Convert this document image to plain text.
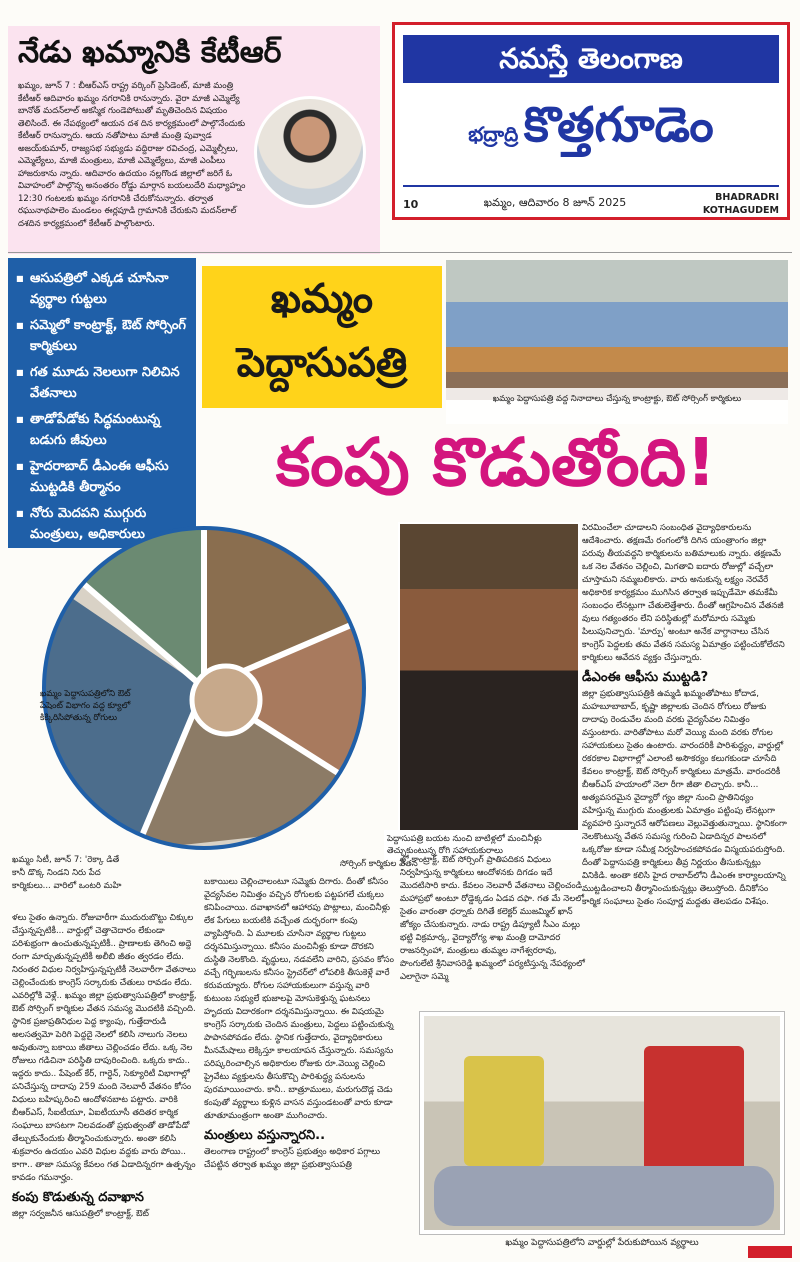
నేడు ఖమ్మానికి కేటీఆర్
ఖమ్మం, జూన్ 7 : బీఆర్ఎస్ రాష్ట్ర వర్కింగ్ ప్రెసిడెంట్, మాజీ మంత్రి కేటీఆర్ ఆదివారం ఖమ్మం నగరానికి రానున్నారు. వైరా మాజీ ఎమ్మెల్యే బానోత్ మదన్‌లాల్ అకస్మిక గుండెపోటుతో మృతిచెందిన విషయం తెలిసిందే. ఈ నేపథ్యంలో ఆయన దశ దిన కార్యక్రమంలో పాల్గొనేందుకు కేటీఆర్ రానున్నారు. ఆయ నతోపాటు మాజీ మంత్రి పువ్వాడ అజయ్‌కుమార్, రాజ్యసభ సభ్యుడు వద్దిరాజు రవిచంద్ర, ఎమ్మెల్సీలు, ఎమ్మెల్యేలు, మాజీ మంత్రులు, మాజీ ఎమ్మెల్యేలు, మాజీ ఎంపీలు హాజరుకాను న్నారు. ఆదివారం ఉదయం నల్లగొండ జిల్లాలో జరిగే ఓ వివాహంలో పాల్గొన్న అనంతరం రోడ్డు మార్గాన బయలుదేరి మధ్యాహ్నం 12:30 గంటలకు ఖమ్మం నగరానికి చేరుకోనున్నారు. తర్వాత రఘునాథపాలెం మండలం ఈర్లపూడి గ్రామానికి చేరుకుని మదన్‌లాల్ దశదిన కార్యక్రమంలో కేటీఆర్ పాల్గొంటారు.
నమస్తే తెలంగాణ
భద్రాద్రి కొత్తగూడెం
10	ఖమ్మం, ఆదివారం 8 జూన్ 2025	BHADRADRI
KOTHAGUDEM
■ ఆసుపత్రిలో ఎక్కడ చూసినా వ్యర్థాల గుట్టలు
■ సమ్మెలో కాంట్రాక్ట్, ఔట్ సోర్సింగ్ కార్మికులు
■ గత మూడు నెలలుగా నిలిచిన వేతనాలు
■ తాడోపేడోకు సిద్ధమంటున్న బడుగు జీవులు
■ హైదరాబాద్ డీఎంఈ ఆఫీసు ముట్టడికి తీర్మానం
■ నోరు మెదపని ముగ్గురు మంత్రులు, అధికారులు
ఖమ్మం
పెద్దాసుపత్రి
ఖమ్మం పెద్దాసుపత్రి వద్ద నినాదాలు చేస్తున్న కాంట్రాక్టు, ఔట్ సోర్సింగ్ కార్మికులు
కంపు కొడుతోంది!
ఖమ్మం పెద్దాసుపత్రిలోని ఔట్ పేషెంట్ విభాగం వద్ద క్యూలో కిక్కిరిసిపోతున్న రోగులు
పెద్దాసుపత్రి బయట నుంచి బాటిళ్లలో మంచినీళ్లు తెచ్చుకుంటున్న రోగి సహాయకురాలు

విరమించేలా చూడాలని సంబంధిత వైద్యాధికారులను ఆదేశించారు. తక్షణమే రంగంలోకి దిగిన యంత్రాంగం జిల్లా పరువు తీయవద్దని కార్మికులను బతిమాలుకు న్నారు. తక్షణమే ఒక నెల వేతనం చెల్లించి, మిగతావి ఐదారు రోజుల్లో వచ్చేలా చూస్తామని నమ్మబలికారు. వారు అనుకున్న లక్ష్యం నెరవేరే అధికారిక కార్యక్రమం ముగిసిన తర్వాత ఇప్పుడేమో తమకేమీ సంబంధం లేనట్లుగా చేతులెత్తేశారు. దీంతో ఆగ్రహించిన వేతనజీ వులు గత్యంతరం లేని పరిస్థితుల్లో మరోమారు సమ్మెకు పిలుపునిచ్చారు. 'మార్పు' అంటూ అనేక వాగ్దానాలు చేసిన కాంగ్రెస్ పెద్దలకు తమ వేతన సమస్య ఏమాత్రం పట్టించుకోలేదని కార్మికులు ఆవేదన వ్యక్తం చేస్తున్నారు.

డీఎంఈ ఆఫీసు ముట్టడి?

జిల్లా ప్రభుత్వాసుపత్రికి ఉమ్మడి ఖమ్మంతోపాటు కోదాడ, మహబూబాబాద్, కృష్ణా జిల్లాలకు చెందిన రోగులు రోజుకు దాదాపు రెండువేల మంది వరకు వైద్యసేవల నిమిత్తం వస్తుంటారు. వారితోపాటు మరో వెయ్యి మంది వరకు రోగుల సహాయకులు సైతం ఉంటారు. వారందరికీ పారిశుద్ధ్యం, వార్డుల్లో రకరకాల విభాగాల్లో ఎలాంటి అసౌకర్యం కలుగకుండా చూసేది కేవలం కాంట్రాక్ట్, ఔట్ సోర్సింగ్ కార్మికులు మాత్రమే. వారందరికీ బీఆర్ఎస్ హయాంలో నెలా రీగా జీతా లిచ్చారు. కానీ... అత్యవసరమైన వైద్యారో గ్యం జిల్లా నుంచి ప్రాతినిధ్యం వహిస్తున్న ముగ్గురు మంత్రులకు ఏమాత్రం పట్టింపు లేనట్లుగా వ్యవహరి స్తున్నారనే ఆరోపణలు వెల్లువెత్తుతున్నాయి. స్థానికంగా నెలకొంటున్న వేతన సమస్య గురించి ఏడాదిన్నర పాలనలో ఒక్కరోజు కూడా సమీక్ష నిర్వహించకపోవడం విస్మయపరుస్తోంది. దీంతో పెద్దాసుపత్రి కార్మికులు తీవ్ర నిర్ణయం తీసుకున్నట్లు వినికిడి. అంతా కలిసి హైద రాబాద్‌లోని డీఎంఈ కార్యాలయాన్ని ముట్టడించాలని తీర్మానించుకున్నట్లు తెలుస్తోంది. దీనికోసం కార్మిక సంఘాలు సైతం సంపూర్ణ మద్దతు తెలపడం విశేషం.

ఖమ్మం సిటీ, జూన్ 7: 'రెక్కా డితే కానీ డొక్క నిండని నిరు పేద కార్మికులు... వారిలో ఒంటరి మహి

ళలు సైతం ఉన్నారు. రోజువారీగా ముదురుబొట్టు చిక్కుల చేస్తున్నప్పటికీ... వార్డుల్లో చెత్తాచెదారం లేకుండా పరిశుభ్రంగా ఉంచుతున్నప్పటికీ.. ప్రాణాలకు తెగించి అద్దె రంగా మార్చుతున్నప్పటికీ అలీబి జీతం త్వరడం లేదు. నిరంతర విధుల నిర్వహిస్తున్నప్పటికీ నెలవారీగా వేతనాలు చెల్లించేందుకు కాంగ్రెస్ సర్కారుకు చేతులు రావడం లేదు. ఎవరిల్లోకి వెళ్లే.. ఖమ్మం జిల్లా ప్రభుత్వాసుపత్రిలో కాంట్రాక్ట్, ఔట్ సోర్సింగ్ కార్మికుల వేతన సమస్య మొదటికి వచ్చింది. స్థానిక ప్రజాప్రతినిధుల పెద్ద క్యాంపు, గుత్తేదారుడి అలసత్వమో పెరిగి పెద్దదై నెలలో కలిసి నాలుగు నెలలు అవుతున్నా బకాయి జీతాలు చెల్లించడం లేదు. ఒక్క నెల రోజులు గడిచినా పరిస్థితి దాపురించింది. ఒక్కరు కాదు.. ఇద్దరు కాదు.. పేషెంట్ కేర్, గార్డెన్, సెక్యూరిటీ విభాగాల్లో పనిచేస్తున్న దాదాపు 259 మంది నెలవారీ వేతనం కోసం విధులు బహిష్కరించి ఆందోళనబాట పట్టారు. వారికి బీఆర్ఎస్, సీఐటీయూ, ఏఐటీయూసీ తదితర కార్మిక సంఘాలు బాసటగా నిలవడంతో ప్రభుత్వంతో తాడోపేడో తేల్చుకునేందుకు తీర్మానించుకున్నారు. అంతా కలిసి శుక్రవారం ఉదయం ఎవరి విధుల వద్దకు వారు పోయి.. కాగా.. తాజా సమస్య కేవలం గత ఏడాదిన్నరగా ఉత్పన్నం కావడం గమనార్హం.

కంపు కొడుతున్న దవాఖాన

జిల్లా సర్వజనీన ఆసుపత్రిలో కాంట్రాక్ట్, ఔట్

సోర్సింగ్ కార్మికుల వేతన

బకాయిలు చెల్లించాలంటూ సమ్మెకు దిగారు. దీంతో కనీసం వైద్యసేవల నిమిత్తం వచ్చిన రోగులకు పట్టపగలే చుక్కలు కనిపించాయి. దవాఖానలో ఆహారపు పొట్లాలు, మంచినీళ్లు లేక పేగులు బయటికి వచ్చేంత దుర్భరంగా కంపు వ్యాపిస్తోంది. ఏ మూలకు చూసినా వ్యర్థాల గుట్టలు దర్శనమిస్తున్నాయి. కనీసం మంచినీళ్లు కూడా దొరకని దుస్థితి నెలకొంది. వృద్ధులు, నడవలేని వారిని, ప్రసవం కోసం వచ్చే గర్భిణులను కనీసం స్ట్రెచర్‌లో లోపలికి తీసుకెళ్లే వారే కరువయ్యారు. రోగుల సహాయకులుగా వస్తున్న వారి కుటుంబ సభ్యులే భుజాలపై మోసుకెళ్తున్న ఘటనలు హృదయ విదారకంగా దర్శనమిస్తున్నాయి. ఈ విషయమై కాంగ్రెస్ సర్కారుకు చెందిన మంత్రులు, పెద్దలు పట్టించుకున్న పాపానపోవడం లేదు. స్థానిక గుత్తేదారు, వైద్యాధికారులు మీనమేషాలు లెక్కిస్తూ కాలయాపన చేస్తున్నారు. సమస్యను పరిష్కరించాల్సిన అధికారుల రోజుకు రూ.వెయ్యి చెల్లించి ప్రైవేటు వ్యక్తులను తీసుకొచ్చి పారిశుద్ధ్య పనులను పురమాయించారు. కానీ.. బాత్రూములు, మరుగుదొడ్ల చెడు కంపుతో వ్యర్థాలు కుళ్లిన వాసన వస్తుండటంతో వారు కూడా తూతూమంత్రంగా అంతా ముగించారు.

మంత్రులు వస్తున్నారని..

తెలంగాణ రాష్ట్రంలో కాంగ్రెస్ ప్రభుత్వం అధికార పగ్గాలు చేపట్టిన తర్వాత ఖమ్మం జిల్లా ప్రభుత్వాసుపత్రి

ల్లో కాంట్రాక్ట్, ఔట్ సోర్సింగ్ ప్రాతిపదికన విధులు నిర్వహిస్తున్న కార్మికులు ఆందోళనకు దిగడం ఇదే మొదటిసారి కాదు. కేవలం నెలవారీ వేతనాలు చెల్లించండి మహాప్రభో అంటూ రోడ్డెక్కడం ఏడవ దఫా. గత మే నెలలో సైతం వారంతా ధర్నాకు దిగితే కలెక్టర్ ముజమ్మిల్ ఖాన్ జోక్యం చేసుకున్నారు. నాడు రాష్ట్ర డిప్యూటీ సీఎం మల్లు భట్టి విక్రమార్క, వైద్యారోగ్య శాఖ మంత్రి దామోదర రాజనర్సింహా, మంత్రులు తుమ్మల నాగేశ్వరరావు, పొంగులేటి శ్రీనివాసరెడ్డి ఖమ్మంలో పర్యటిస్తున్న నేపథ్యంలో ఎలాగైనా సమ్మె

ఖమ్మం పెద్దాసుపత్రిలోని వార్డుల్లో పేరుకుపోయిన వ్యర్థాలు
